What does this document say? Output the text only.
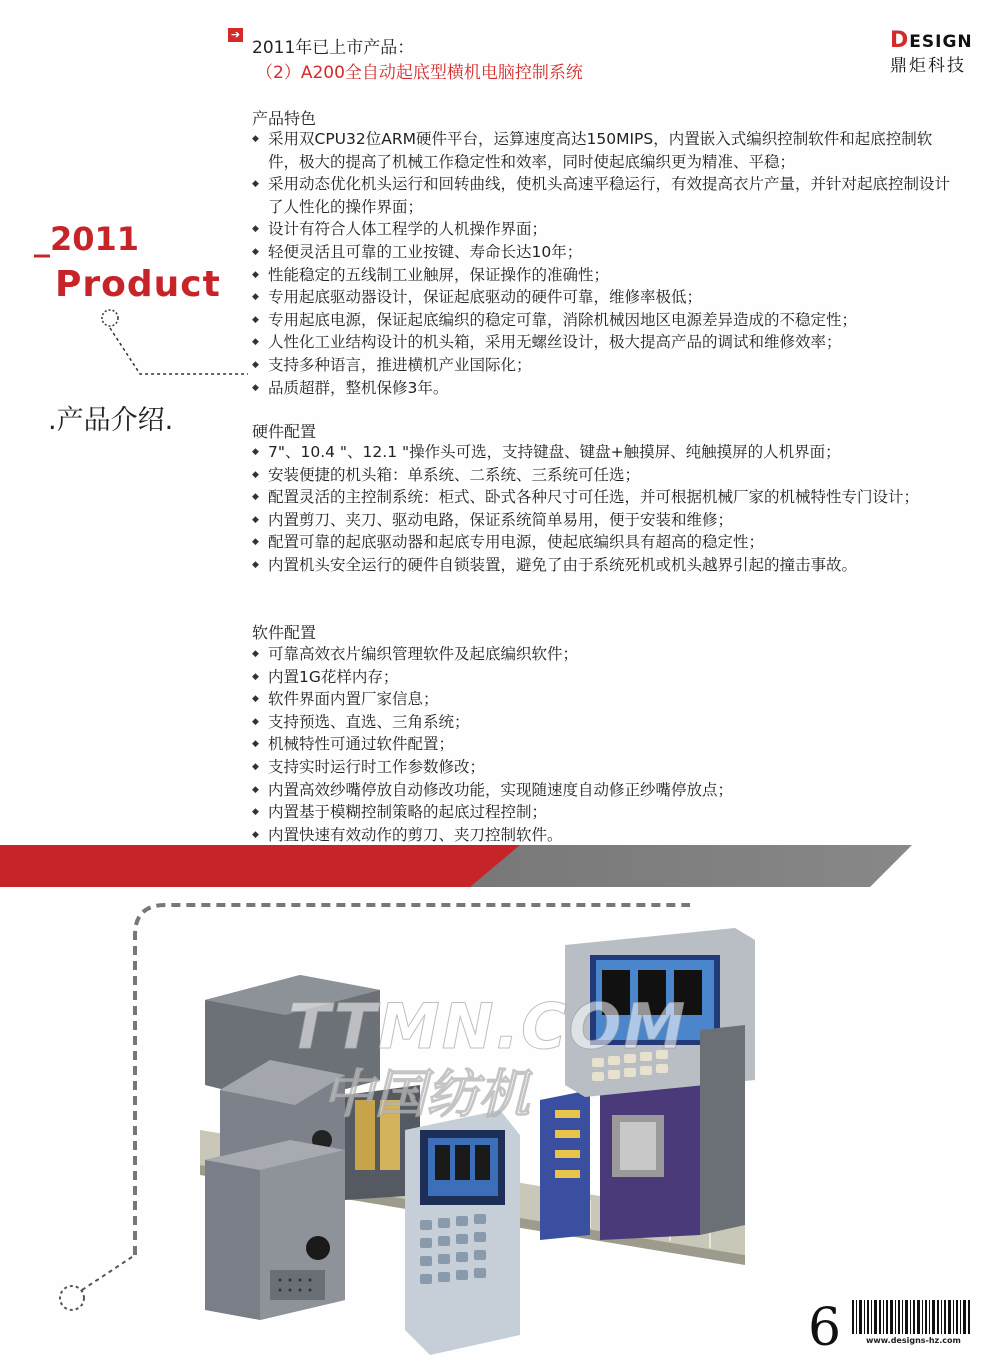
➔
2011年已上市产品：
（2）A200全自动起底型横机电脑控制系统
DESIGN
鼎炬科技
_2011
Product
.产品介绍.
产品特色
◆ 采用双CPU32位ARM硬件平台，运算速度高达150MIPS，内置嵌入式编织控制软件和起底控制软件，极大的提高了机械工作稳定性和效率，同时使起底编织更为精准、平稳；
◆ 采用动态优化机头运行和回转曲线，使机头高速平稳运行，有效提高衣片产量，并针对起底控制设计了人性化的操作界面；
◆ 设计有符合人体工程学的人机操作界面；
◆ 轻便灵活且可靠的工业按键、寿命长达10年；
◆ 性能稳定的五线制工业触屏，保证操作的准确性；
◆ 专用起底驱动器设计，保证起底驱动的硬件可靠，维修率极低；
◆ 专用起底电源，保证起底编织的稳定可靠，消除机械因地区电源差异造成的不稳定性；
◆ 人性化工业结构设计的机头箱，采用无螺丝设计，极大提高产品的调试和维修效率；
◆ 支持多种语言，推进横机产业国际化；
◆ 品质超群，整机保修3年。
硬件配置
◆ 7"、10.4 "、12.1 "操作头可选，支持键盘、键盘+触摸屏、纯触摸屏的人机界面；
◆ 安装便捷的机头箱：单系统、二系统、三系统可任选；
◆ 配置灵活的主控制系统：柜式、卧式各种尺寸可任选，并可根据机械厂家的机械特性专门设计；
◆ 内置剪刀、夹刀、驱动电路，保证系统简单易用，便于安装和维修；
◆ 配置可靠的起底驱动器和起底专用电源，使起底编织具有超高的稳定性；
◆ 内置机头安全运行的硬件自锁装置，避免了由于系统死机或机头越界引起的撞击事故。
软件配置
◆ 可靠高效衣片编织管理软件及起底编织软件；
◆ 内置1G花样内存；
◆ 软件界面内置厂家信息；
◆ 支持预选、直选、三角系统；
◆ 机械特性可通过软件配置；
◆ 支持实时运行时工作参数修改；
◆ 内置高效纱嘴停放自动修改功能，实现随速度自动修正纱嘴停放点；
◆ 内置基于模糊控制策略的起底过程控制；
◆ 内置快速有效动作的剪刀、夹刀控制软件。
TTMN.COM
中国纺机
6	www.designs-hz.com
